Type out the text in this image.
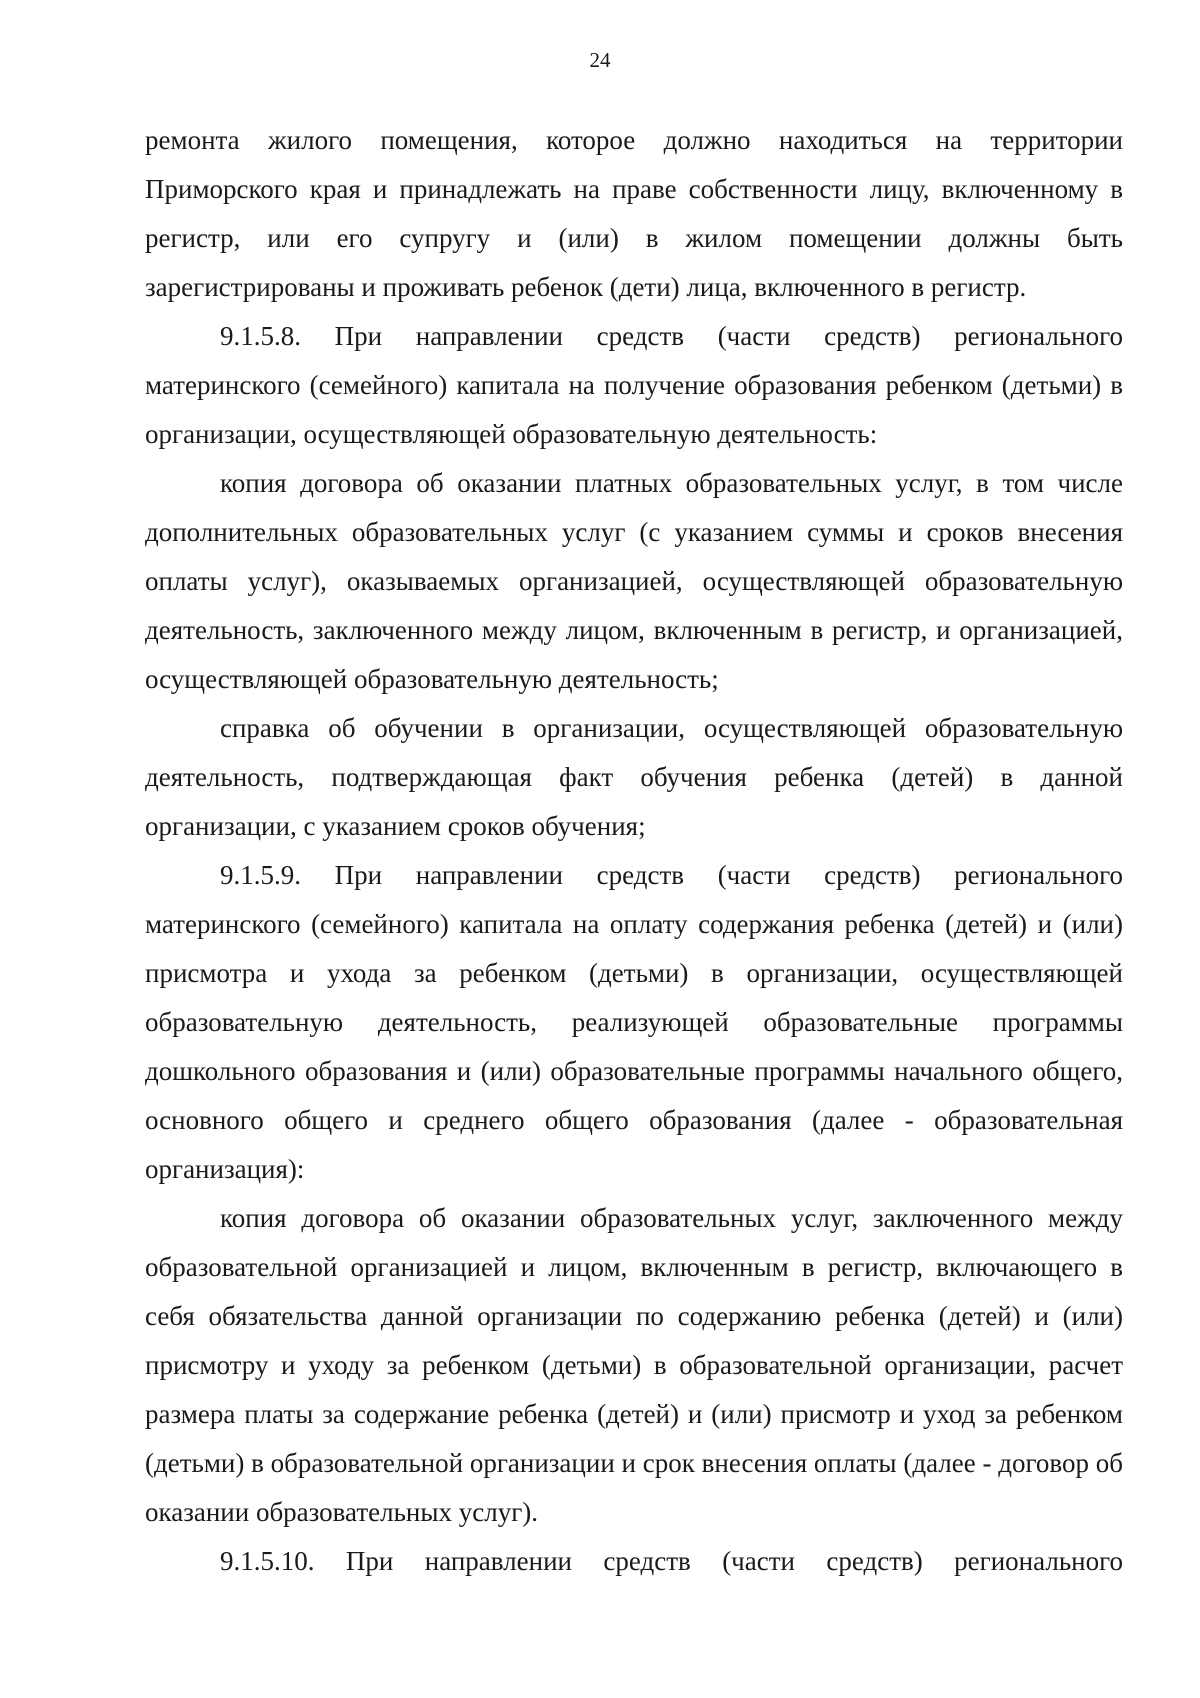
24

ремонта жилого помещения, которое должно находиться на территории Приморского края и принадлежать на праве собственности лицу, включенному в регистр, или его супругу и (или) в жилом помещении должны быть зарегистрированы и проживать ребенок (дети) лица, включенного в регистр.

9.1.5.8. При направлении средств (части средств) регионального материнского (семейного) капитала на получение образования ребенком (детьми) в организации, осуществляющей образовательную деятельность:

копия договора об оказании платных образовательных услуг, в том числе дополнительных образовательных услуг (с указанием суммы и сроков внесения оплаты услуг), оказываемых организацией, осуществляющей образовательную деятельность, заключенного между лицом, включенным в регистр, и организацией, осуществляющей образовательную деятельность;

справка об обучении в организации, осуществляющей образовательную деятельность, подтверждающая факт обучения ребенка (детей) в данной организации, с указанием сроков обучения;

9.1.5.9. При направлении средств (части средств) регионального материнского (семейного) капитала на оплату содержания ребенка (детей) и (или) присмотра и ухода за ребенком (детьми) в организации, осуществляющей образовательную деятельность, реализующей образовательные программы дошкольного образования и (или) образовательные программы начального общего, основного общего и среднего общего образования (далее - образовательная организация):

копия договора об оказании образовательных услуг, заключенного между образовательной организацией и лицом, включенным в регистр, включающего в себя обязательства данной организации по содержанию ребенка (детей) и (или) присмотру и уходу за ребенком (детьми) в образовательной организации, расчет размера платы за содержание ребенка (детей) и (или) присмотр и уход за ребенком (детьми) в образовательной организации и срок внесения оплаты (далее - договор об оказании образовательных услуг).

9.1.5.10. При направлении средств (части средств) регионального
